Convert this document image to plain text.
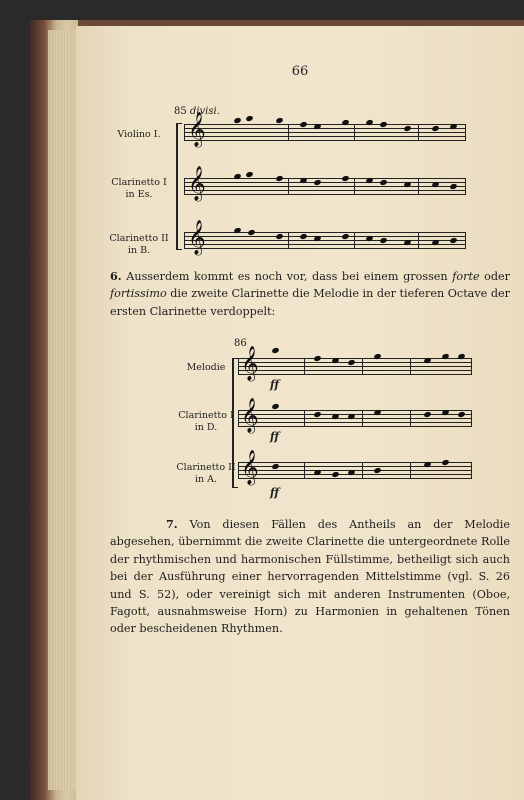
66
85 divisi.
Violino I.
Clarinetto I
in Es.
Clarinetto II
in B.
𝄞
𝄞
𝄞
6. Ausserdem kommt es noch vor, dass bei einem grossen forte oder fortissimo die zweite Clarinette die Melodie in der tieferen Octave der ersten Clarinette verdoppelt:
86
Melodie
Clarinetto I
in D.
Clarinetto II
in A.
𝄞
ff
𝄞
ff
𝄞
ff
7. Von diesen Fällen des Antheils an der Melodie abgesehen, übernimmt die zweite Clarinette die untergeordnete Rolle der rhythmischen und harmonischen Füllstimme, betheiligt sich auch bei der Ausführung einer hervorragenden Mittelstimme (vgl. S. 26 und S. 52), oder vereinigt sich mit anderen Instrumenten (Oboe, Fagott, ausnahmsweise Horn) zu Harmonien in gehaltenen Tönen oder bescheidenen Rhythmen.
